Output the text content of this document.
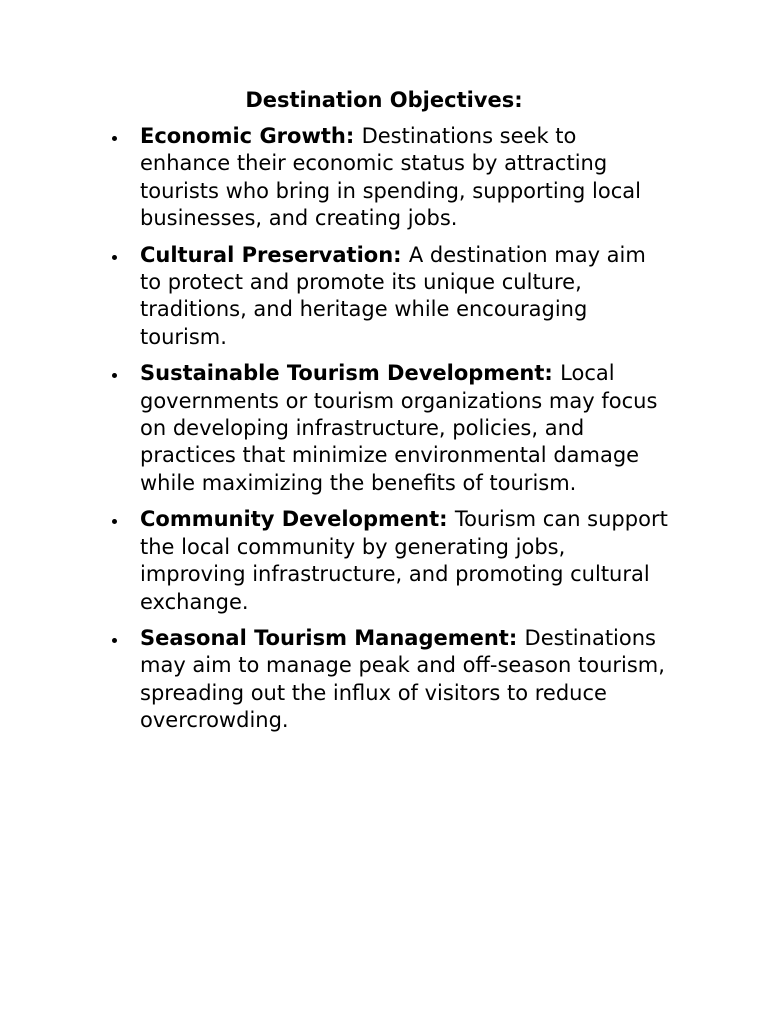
Destination Objectives:
Economic Growth: Destinations seek to enhance their economic status by attracting tourists who bring in spending, supporting local businesses, and creating jobs.
Cultural Preservation: A destination may aim to protect and promote its unique culture, traditions, and heritage while encouraging tourism.
Sustainable Tourism Development: Local governments or tourism organizations may focus on developing infrastructure, policies, and practices that minimize environmental damage while maximizing the benefits of tourism.
Community Development: Tourism can support the local community by generating jobs, improving infrastructure, and promoting cultural exchange.
Seasonal Tourism Management: Destinations may aim to manage peak and off-season tourism, spreading out the influx of visitors to reduce overcrowding.
